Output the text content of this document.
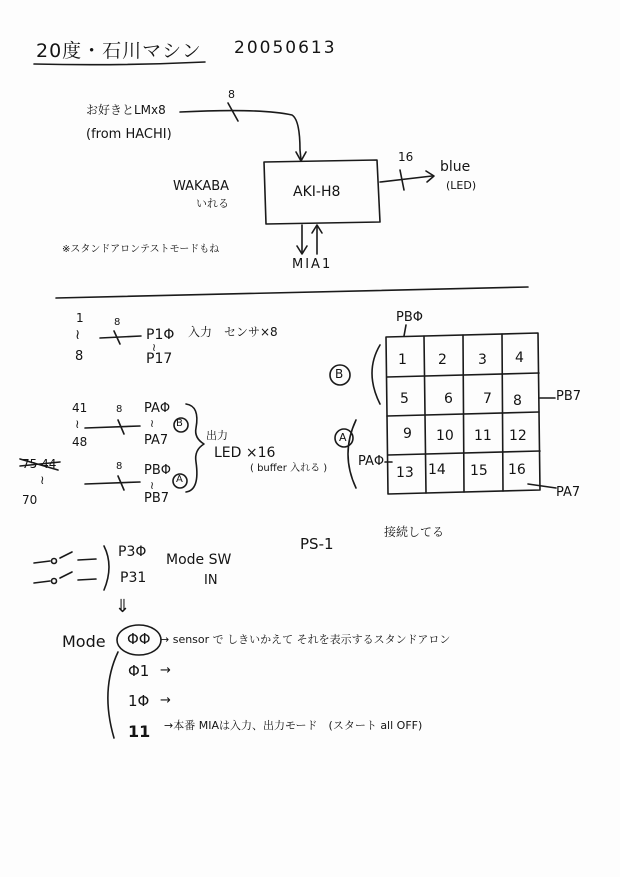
20度・石川マシン 20050613
お好きとLMx8
(from HACHI)
8
AKI-H8
16
blue
(LED)
WAKABA
いれる
MIA1
※スタンドアロンテストモードもね
1
≀
8
8
P1Φ
≀
P17
入力　センサ×8
41
≀
48
8 PAΦ
≀
PA7
B
75 44
≀
70
8 PBΦ
≀
PB7
A
出力
LED ×16
( buffer 入れる )
PBΦ
PB7
PAΦ
PA7
B
A
1 2 3 4
5	6 7 8
9 10 11 12
13 14 15 16
PS-1
接続してる
P3Φ
P31
Mode SW
IN
⇓
Mode ΦΦ → sensor で しきいかえて それを表示するスタンドアロン
Φ1 →
1Φ →
11 →本番 MIAは入力、出力モード　(スタート all OFF)
